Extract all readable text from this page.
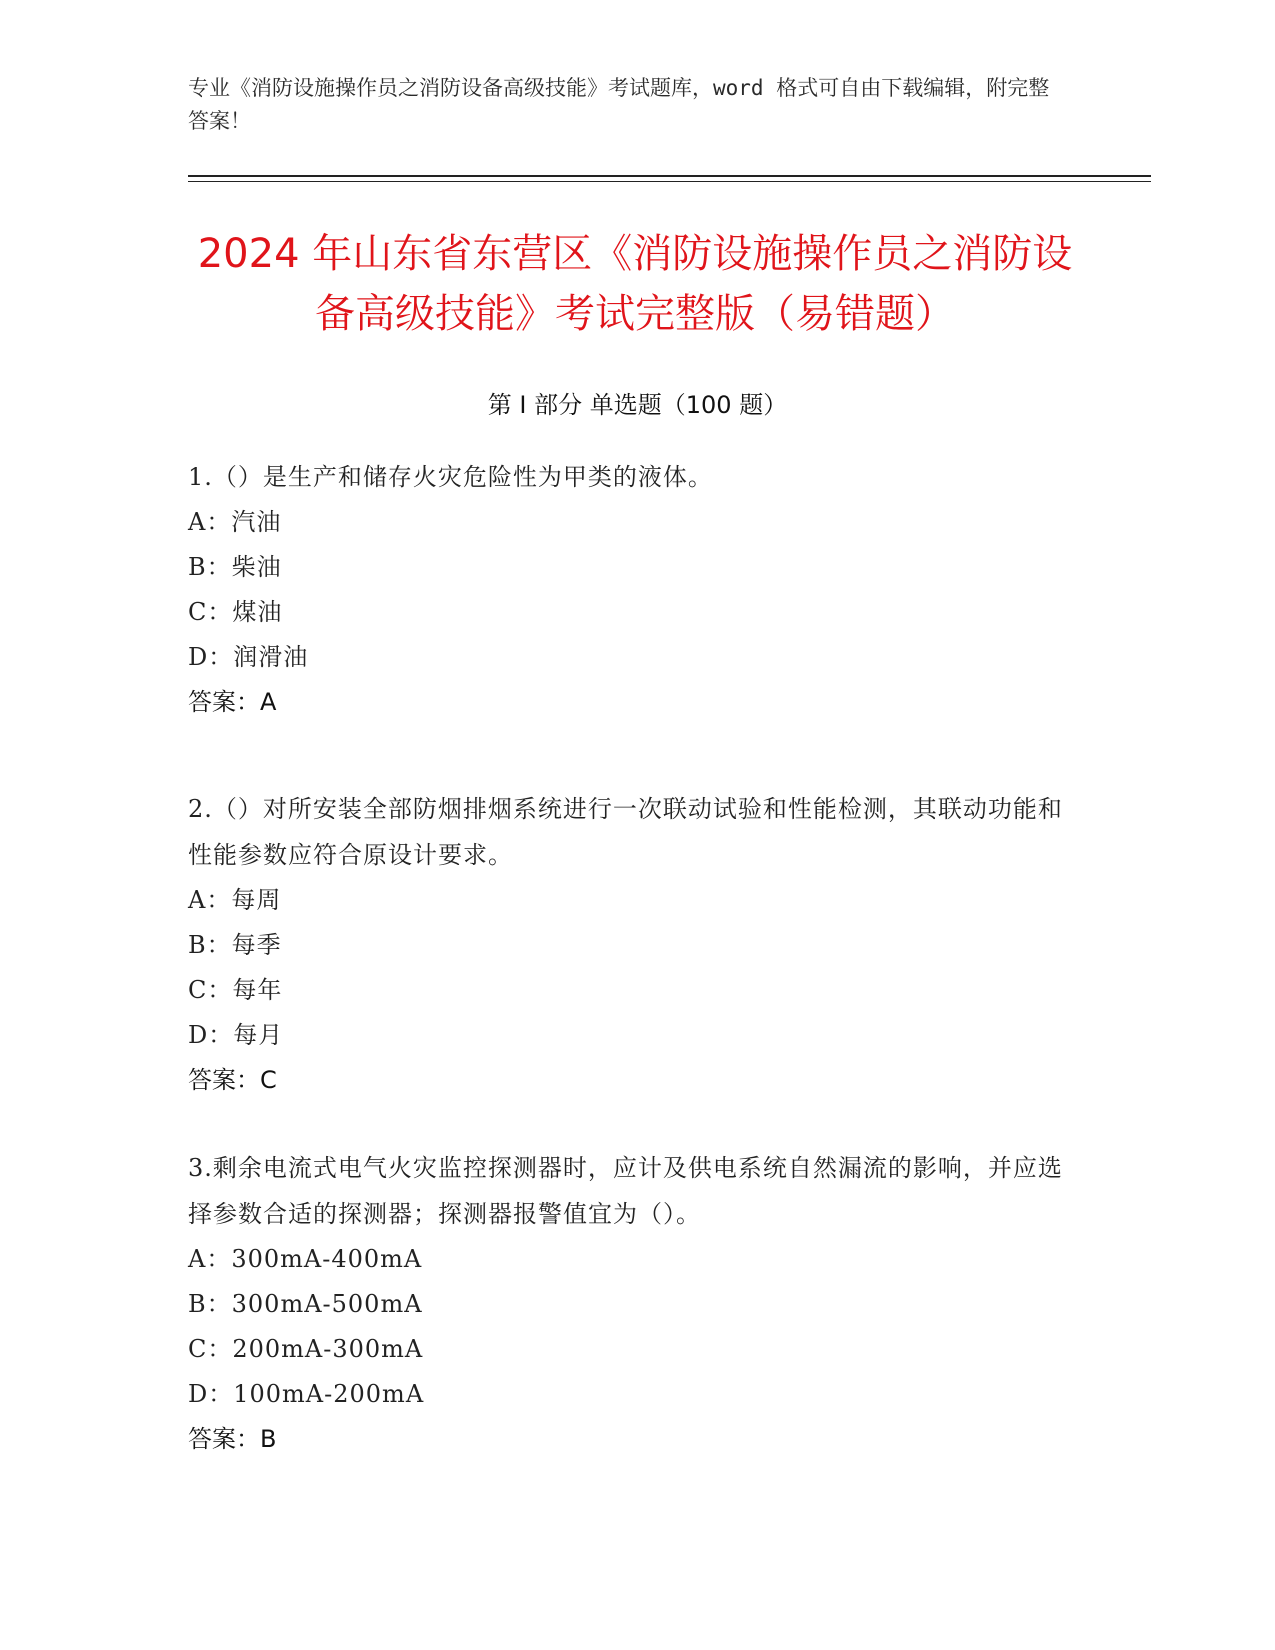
专业《消防设施操作员之消防设备高级技能》考试题库，word 格式可自由下载编辑，附完整答案！
2024 年山东省东营区《消防设施操作员之消防设备高级技能》考试完整版（易错题）
第 I 部分 单选题（100 题）
1.（）是生产和储存火灾危险性为甲类的液体。
A：汽油
B：柴油
C：煤油
D：润滑油
答案：A
2.（）对所安装全部防烟排烟系统进行一次联动试验和性能检测，其联动功能和性能参数应符合原设计要求。
A：每周
B：每季
C：每年
D：每月
答案：C
3.剩余电流式电气火灾监控探测器时，应计及供电系统自然漏流的影响，并应选择参数合适的探测器；探测器报警值宜为（）。
A：300mA-400mA
B：300mA-500mA
C：200mA-300mA
D：100mA-200mA
答案：B
